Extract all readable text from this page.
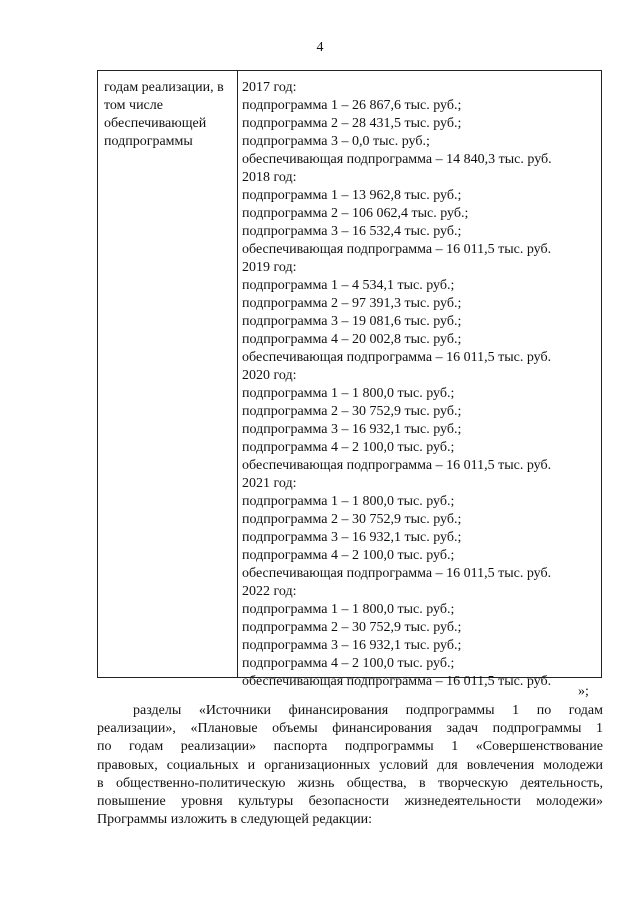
4
годам реализации, в
том числе
обеспечивающей
подпрограммы
2017 год:
подпрограмма 1 – 26 867,6 тыс. руб.;
подпрограмма 2 – 28 431,5 тыс. руб.;
подпрограмма 3 – 0,0 тыс. руб.;
обеспечивающая подпрограмма – 14 840,3 тыс. руб.
2018 год:
подпрограмма 1 – 13 962,8 тыс. руб.;
подпрограмма 2 – 106 062,4 тыс. руб.;
подпрограмма 3 – 16 532,4 тыс. руб.;
обеспечивающая подпрограмма – 16 011,5 тыс. руб.
2019 год:
подпрограмма 1 – 4 534,1 тыс. руб.;
подпрограмма 2 – 97 391,3 тыс. руб.;
подпрограмма 3 – 19 081,6 тыс. руб.;
подпрограмма 4 – 20 002,8 тыс. руб.;
обеспечивающая подпрограмма – 16 011,5 тыс. руб.
2020 год:
подпрограмма 1 – 1 800,0 тыс. руб.;
подпрограмма 2 – 30 752,9 тыс. руб.;
подпрограмма 3 – 16 932,1 тыс. руб.;
подпрограмма 4 – 2 100,0 тыс. руб.;
обеспечивающая подпрограмма – 16 011,5 тыс. руб.
2021 год:
подпрограмма 1 – 1 800,0 тыс. руб.;
подпрограмма 2 – 30 752,9 тыс. руб.;
подпрограмма 3 – 16 932,1 тыс. руб.;
подпрограмма 4 – 2 100,0 тыс. руб.;
обеспечивающая подпрограмма – 16 011,5 тыс. руб.
2022 год:
подпрограмма 1 – 1 800,0 тыс. руб.;
подпрограмма 2 – 30 752,9 тыс. руб.;
подпрограмма 3 – 16 932,1 тыс. руб.;
подпрограмма 4 – 2 100,0 тыс. руб.;
обеспечивающая подпрограмма – 16 011,5 тыс. руб.
»;
разделы «Источники финансирования подпрограммы 1 по годам
реализации», «Плановые объемы финансирования задач подпрограммы 1
по годам реализации» паспорта подпрограммы 1 «Совершенствование
правовых, социальных и организационных условий для вовлечения молодежи
в общественно-политическую жизнь общества, в творческую деятельность,
повышение уровня культуры безопасности жизнедеятельности молодежи»
Программы изложить в следующей редакции:
